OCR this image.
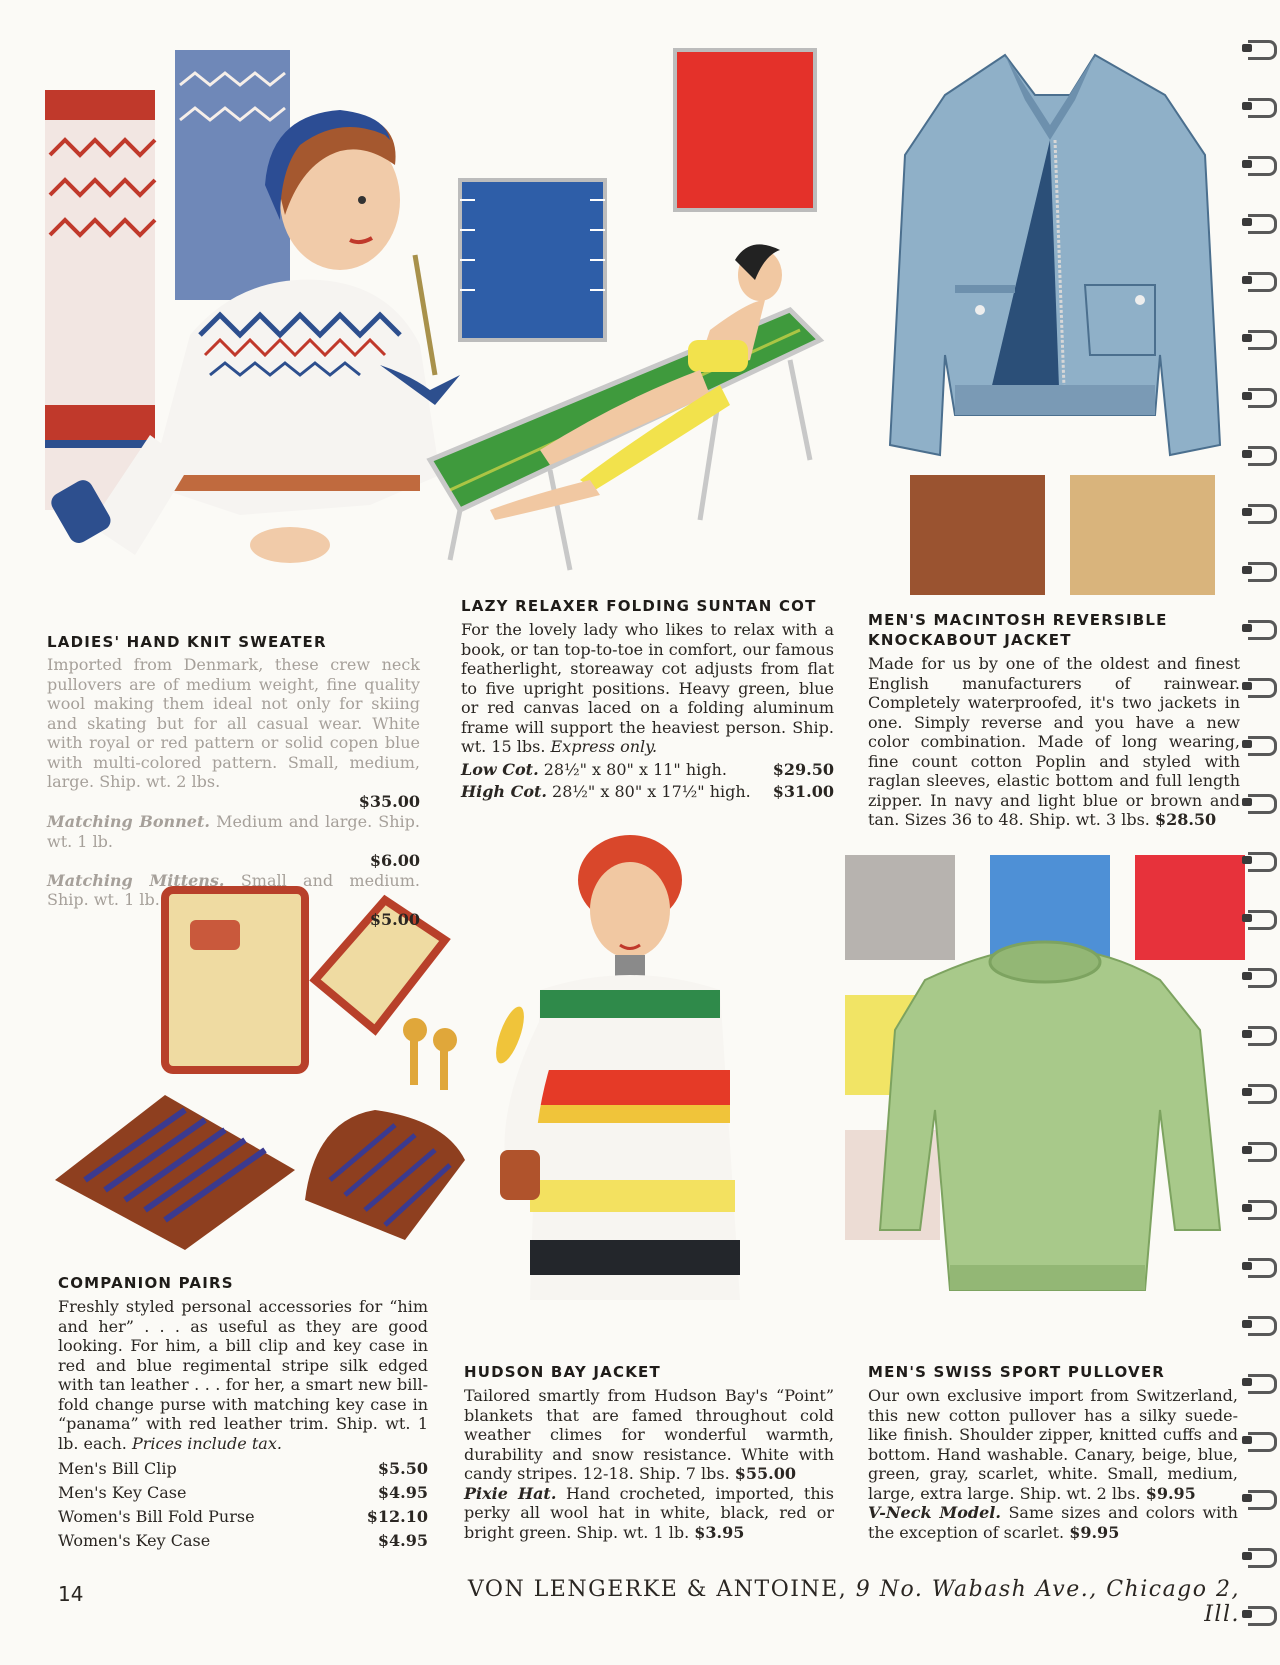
LADIES' HAND KNIT SWEATER
Imported from Denmark, these crew neck pullovers are of medium weight, fine quality wool making them ideal not only for skiing and skating but for all casual wear. White with royal or red pattern or solid copen blue with multi-colored pattern. Small, medium, large. Ship. wt. 2 lbs.
$35.00
Matching Bonnet. Medium and large. Ship. wt. 1 lb.
$6.00
Matching Mittens. Small and medium. Ship. wt. 1 lb.
$5.00
LAZY RELAXER FOLDING SUNTAN COT
For the lovely lady who likes to relax with a book, or tan top-to-toe in comfort, our famous featherlight, storeaway cot adjusts from flat to five upright positions. Heavy green, blue or red canvas laced on a folding aluminum frame will support the heaviest person. Ship. wt. 15 lbs. Express only.
Low Cot. 28½" x 80" x 11" high.	$29.50
High Cot. 28½" x 80" x 17½" high. $31.00
MEN'S MACINTOSH REVERSIBLE
KNOCKABOUT JACKET
Made for us by one of the oldest and finest English manufacturers of rainwear. Completely waterproofed, it's two jackets in one. Simply reverse and you have a new color combination. Made of long wearing, fine count cotton Poplin and styled with raglan sleeves, elastic bottom and full length zipper. In navy and light blue or brown and tan. Sizes 36 to 48. Ship. wt. 3 lbs. $28.50
COMPANION PAIRS
Freshly styled personal accessories for “him and her” . . . as useful as they are good looking. For him, a bill clip and key case in red and blue regimental stripe silk edged with tan leather . . . for her, a smart new bill-fold change purse with matching key case in “panama” with red leather trim. Ship. wt. 1 lb. each. Prices include tax.
Men's Bill Clip	$5.50
Men's Key Case	$4.95
Women's Bill Fold Purse	$12.10
Women's Key Case	$4.95
HUDSON BAY JACKET
Tailored smartly from Hudson Bay's “Point” blankets that are famed throughout cold weather climes for wonderful warmth, durability and snow resistance. White with candy stripes. 12-18. Ship. 7 lbs. $55.00
Pixie Hat. Hand crocheted, imported, this perky all wool hat in white, black, red or bright green. Ship. wt. 1 lb. $3.95
MEN'S SWISS SPORT PULLOVER
Our own exclusive import from Switzerland, this new cotton pullover has a silky suede-like finish. Shoulder zipper, knitted cuffs and bottom. Hand washable. Canary, beige, blue, green, gray, scarlet, white. Small, medium, large, extra large. Ship. wt. 2 lbs. $9.95
V-Neck Model. Same sizes and colors with the exception of scarlet. $9.95
14	VON LENGERKE & ANTOINE, 9 No. Wabash Ave., Chicago 2, Ill.
